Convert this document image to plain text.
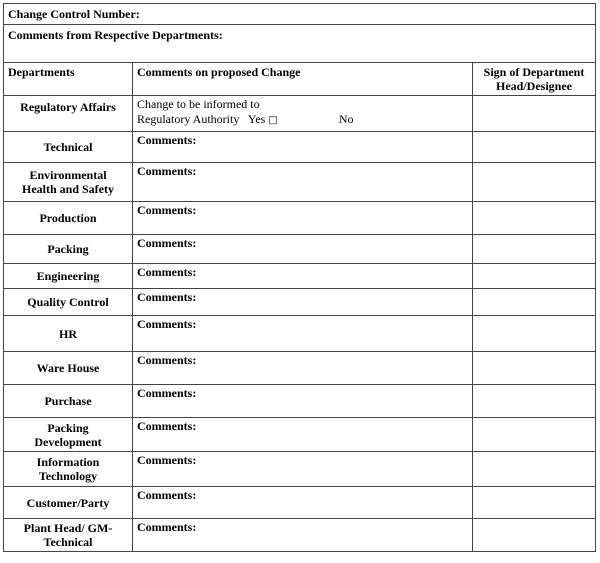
Change Control Number:		
Comments from Respective Departments:		
Departments	Comments on proposed Change	Sign of Department
Head/Designee
Regulatory Affairs	Change to be informed to
Regulatory Authority Yes □ No	
Technical	Comments:	
Environmental
Health and Safety	Comments:	
Production	Comments:	
Packing	Comments:	
Engineering	Comments:	
Quality Control	Comments:	
HR	Comments:	
Ware House	Comments:	
Purchase	Comments:	
Packing
Development	Comments:	
Information
Technology	Comments:	
Customer/Party	Comments:	
Plant Head/ GM-
Technical	Comments:	
